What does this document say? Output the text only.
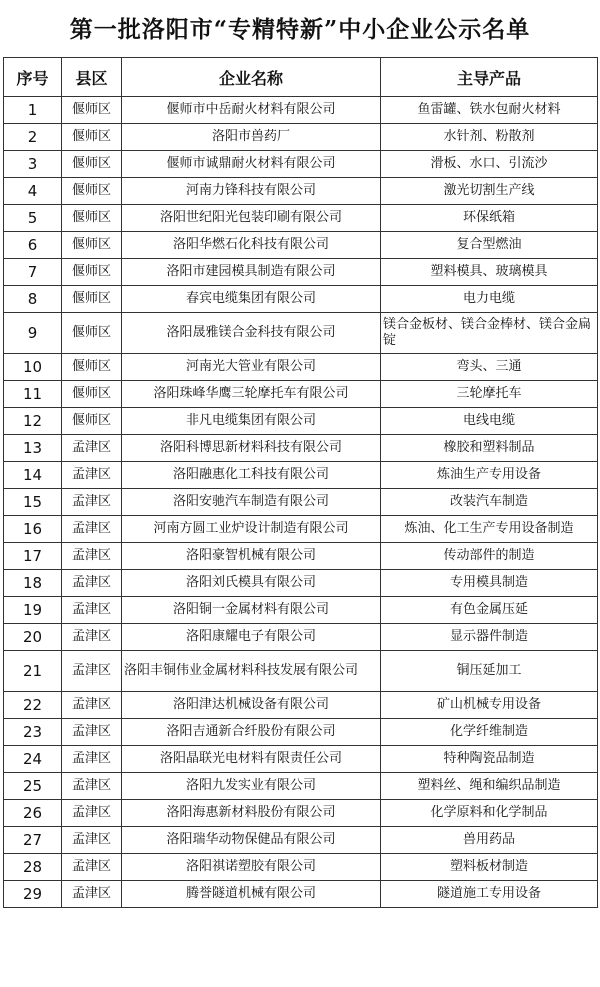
第一批洛阳市“专精特新”中小企业公示名单
序号	县区	企业名称	主导产品
1	偃师区	偃师市中岳耐火材料有限公司	鱼雷罐、铁水包耐火材料
2	偃师区	洛阳市兽药厂	水针剂、粉散剂
3	偃师区	偃师市诚鼎耐火材料有限公司	滑板、水口、引流沙
4	偃师区	河南力锋科技有限公司	激光切割生产线
5	偃师区	洛阳世纪阳光包装印刷有限公司	环保纸箱
6	偃师区	洛阳华燃石化科技有限公司	复合型燃油
7	偃师区	洛阳市建园模具制造有限公司	塑料模具、玻璃模具
8	偃师区	春宾电缆集团有限公司	电力电缆
9	偃师区	洛阳晟雅镁合金科技有限公司	镁合金板材、镁合金棒材、镁合金扁锭
10	偃师区	河南光大管业有限公司	弯头、三通
11	偃师区	洛阳珠峰华鹰三轮摩托车有限公司	三轮摩托车
12	偃师区	非凡电缆集团有限公司	电线电缆
13	孟津区	洛阳科博思新材料科技有限公司	橡胶和塑料制品
14	孟津区	洛阳融惠化工科技有限公司	炼油生产专用设备
15	孟津区	洛阳安驰汽车制造有限公司	改装汽车制造
16	孟津区	河南方圆工业炉设计制造有限公司	炼油、化工生产专用设备制造
17	孟津区	洛阳豪智机械有限公司	传动部件的制造
18	孟津区	洛阳刘氏模具有限公司	专用模具制造
19	孟津区	洛阳铜一金属材料有限公司	有色金属压延
20	孟津区	洛阳康耀电子有限公司	显示器件制造
21	孟津区	洛阳丰铜伟业金属材料科技发展有限公司	铜压延加工
22	孟津区	洛阳津达机械设备有限公司	矿山机械专用设备
23	孟津区	洛阳吉通新合纤股份有限公司	化学纤维制造
24	孟津区	洛阳晶联光电材料有限责任公司	特种陶瓷品制造
25	孟津区	洛阳九发实业有限公司	塑料丝、绳和编织品制造
26	孟津区	洛阳海惠新材料股份有限公司	化学原料和化学制品
27	孟津区	洛阳瑞华动物保健品有限公司	兽用药品
28	孟津区	洛阳祺诺塑胶有限公司	塑料板材制造
29	孟津区	腾誉隧道机械有限公司	隧道施工专用设备
